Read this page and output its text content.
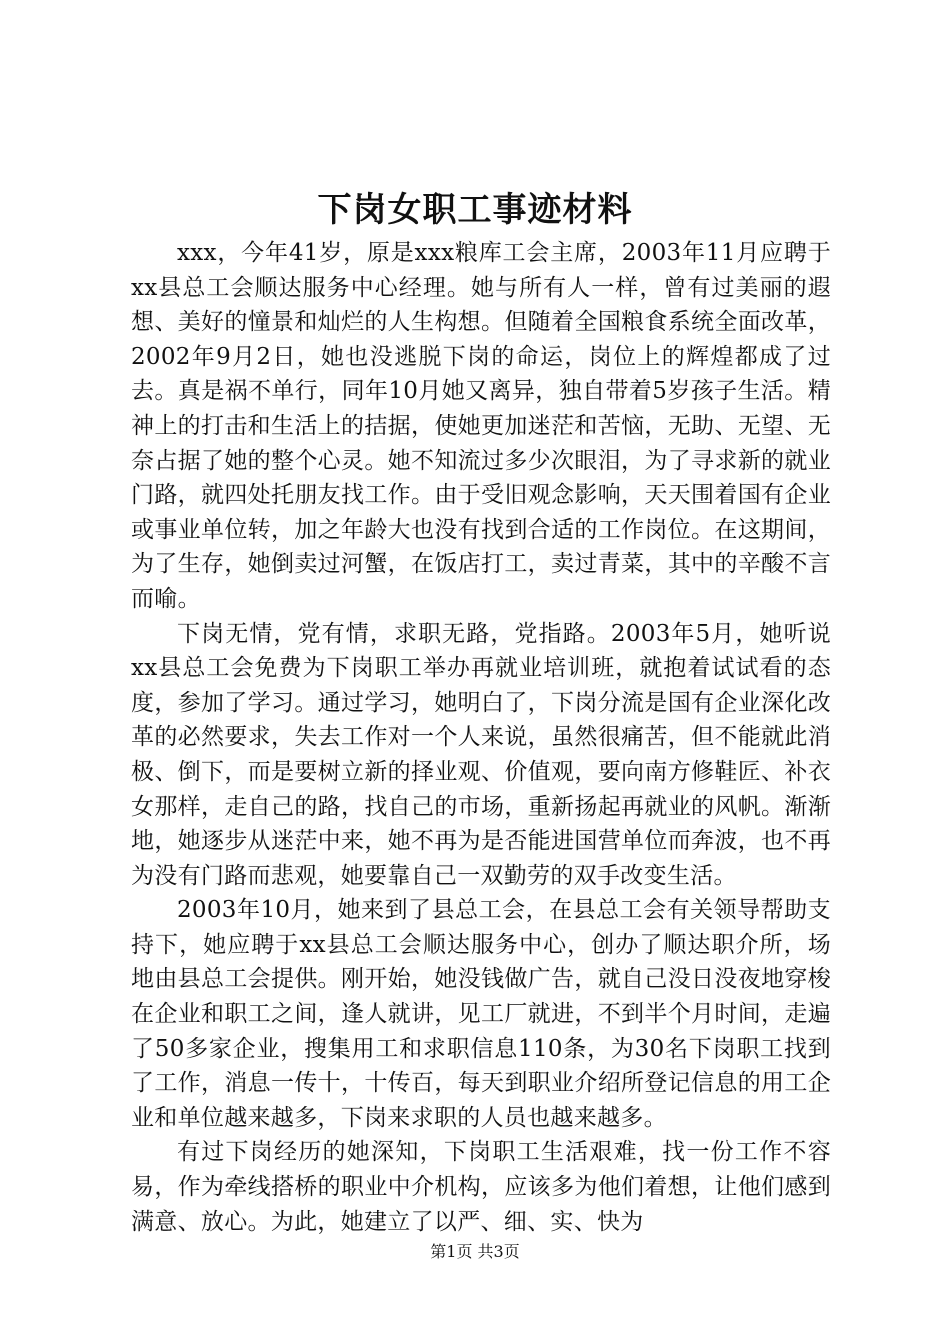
下岗女职工事迹材料

xxx，今年41岁，原是xxx粮库工会主席，2003年11月应聘于xx县总工会顺达服务中心经理。她与所有人一样，曾有过美丽的遐想、美好的憧景和灿烂的人生构想。但随着全国粮食系统全面改革，2002年9月2日，她也没逃脱下岗的命运，岗位上的辉煌都成了过去。真是祸不单行，同年10月她又离异，独自带着5岁孩子生活。精神上的打击和生活上的拮据，使她更加迷茫和苦恼，无助、无望、无奈占据了她的整个心灵。她不知流过多少次眼泪，为了寻求新的就业门路，就四处托朋友找工作。由于受旧观念影响，天天围着国有企业或事业单位转，加之年龄大也没有找到合适的工作岗位。在这期间，为了生存，她倒卖过河蟹，在饭店打工，卖过青菜，其中的辛酸不言而喻。

下岗无情，党有情，求职无路，党指路。2003年5月，她听说xx县总工会免费为下岗职工举办再就业培训班，就抱着试试看的态度，参加了学习。通过学习，她明白了，下岗分流是国有企业深化改革的必然要求，失去工作对一个人来说，虽然很痛苦，但不能就此消极、倒下，而是要树立新的择业观、价值观，要向南方修鞋匠、补衣女那样，走自己的路，找自己的市场，重新扬起再就业的风帆。渐渐地，她逐步从迷茫中来，她不再为是否能进国营单位而奔波，也不再为没有门路而悲观，她要靠自己一双勤劳的双手改变生活。

2003年10月，她来到了县总工会，在县总工会有关领导帮助支持下，她应聘于xx县总工会顺达服务中心，创办了顺达职介所，场地由县总工会提供。刚开始，她没钱做广告，就自己没日没夜地穿梭在企业和职工之间，逢人就讲，见工厂就进，不到半个月时间，走遍了50多家企业，搜集用工和求职信息110条，为30名下岗职工找到了工作，消息一传十，十传百，每天到职业介绍所登记信息的用工企业和单位越来越多，下岗来求职的人员也越来越多。

有过下岗经历的她深知，下岗职工生活艰难，找一份工作不容易，作为牵线搭桥的职业中介机构，应该多为他们着想，让他们感到满意、放心。为此，她建立了以严、细、实、快为

第1页 共3页
